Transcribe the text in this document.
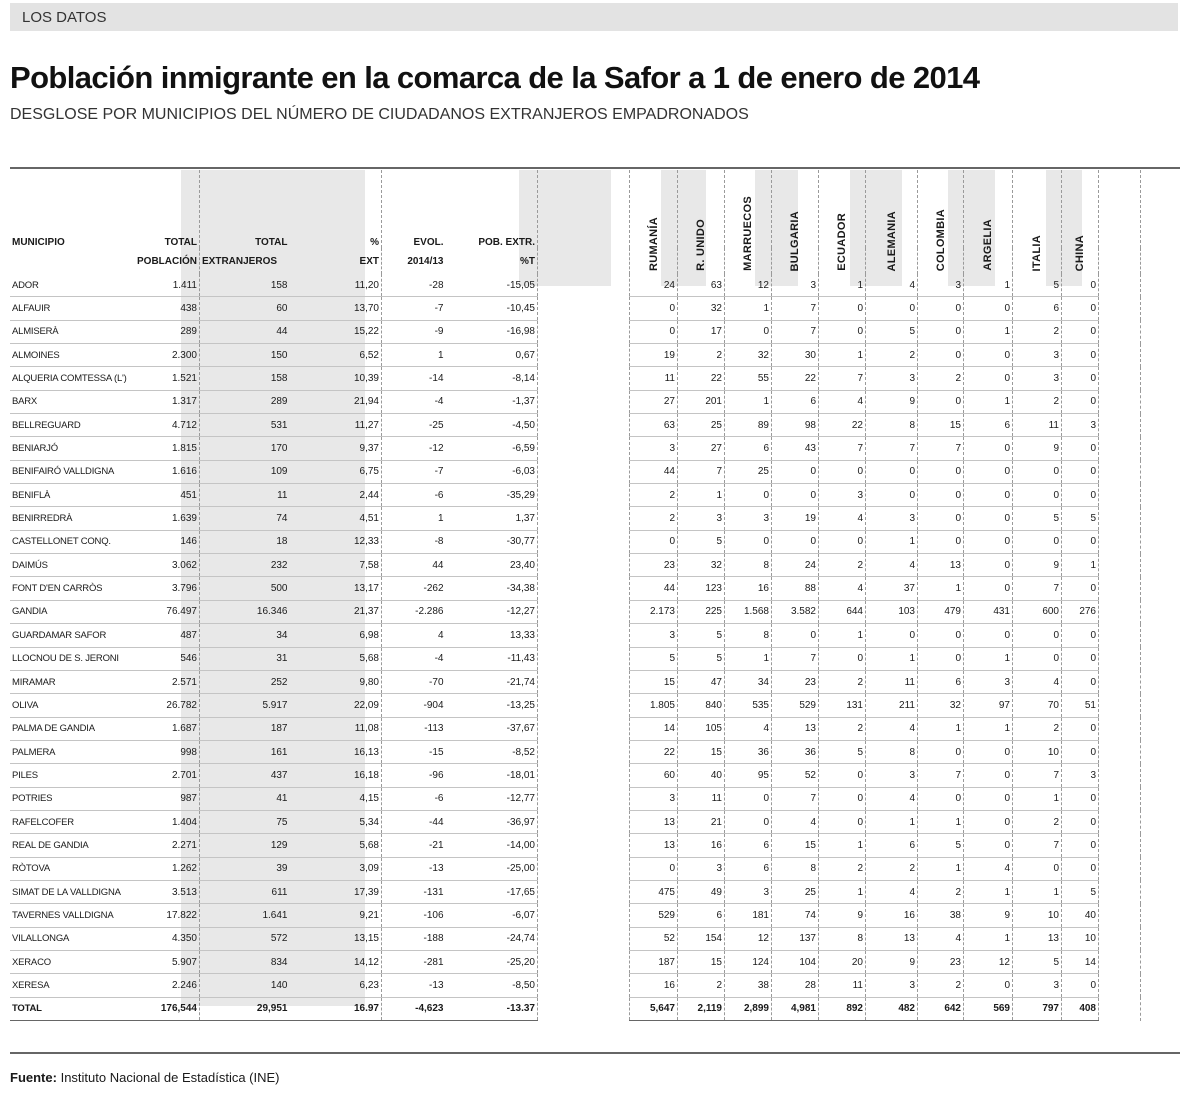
LOS DATOS
Población inmigrante en la comarca de la Safor a 1 de enero de 2014
DESGLOSE POR MUNICIPIOS DEL NÚMERO DE CIUDADANOS EXTRANJEROS EMPADRONADOS
MUNICIPIO	TOTAL	TOTAL	%	EVOL.	POB. EXTR.		RUMANÍA	R. UNIDO	MARRUECOS	BULGARIA	ECUADOR	ALEMANIA	COLOMBIA	ARGELIA	ITALIA	CHINA	
	POBLACIÓN	EXTRANJEROS	EXT	2014/13	%T												
ADOR	1.411	158	11,20	-28	-15,05		24	63	12	3	1	4	3	1	5	0	
ALFAUIR	438	60	13,70	-7	-10,45		0	32	1	7	0	0	0	0	6	0	
ALMISERÀ	289	44	15,22	-9	-16,98		0	17	0	7	0	5	0	1	2	0	
ALMOINES	2.300	150	6,52	1	0,67		19	2	32	30	1	2	0	0	3	0	
ALQUERIA COMTESSA (L')	1.521	158	10,39	-14	-8,14		11	22	55	22	7	3	2	0	3	0	
BARX	1.317	289	21,94	-4	-1,37		27	201	1	6	4	9	0	1	2	0	
BELLREGUARD	4.712	531	11,27	-25	-4,50		63	25	89	98	22	8	15	6	11	3	
BENIARJÓ	1.815	170	9,37	-12	-6,59		3	27	6	43	7	7	7	0	9	0	
BENIFAIRÓ VALLDIGNA	1.616	109	6,75	-7	-6,03		44	7	25	0	0	0	0	0	0	0	
BENIFLÀ	451	11	2,44	-6	-35,29		2	1	0	0	3	0	0	0	0	0	
BENIRREDRÀ	1.639	74	4,51	1	1,37		2	3	3	19	4	3	0	0	5	5	
CASTELLONET CONQ.	146	18	12,33	-8	-30,77		0	5	0	0	0	1	0	0	0	0	
DAIMÚS	3.062	232	7,58	44	23,40		23	32	8	24	2	4	13	0	9	1	
FONT D'EN CARRÒS	3.796	500	13,17	-262	-34,38		44	123	16	88	4	37	1	0	7	0	
GANDIA	76.497	16.346	21,37	-2.286	-12,27		2.173	225	1.568	3.582	644	103	479	431	600	276	
GUARDAMAR SAFOR	487	34	6,98	4	13,33		3	5	8	0	1	0	0	0	0	0	
LLOCNOU DE S. JERONI	546	31	5,68	-4	-11,43		5	5	1	7	0	1	0	1	0	0	
MIRAMAR	2.571	252	9,80	-70	-21,74		15	47	34	23	2	11	6	3	4	0	
OLIVA	26.782	5.917	22,09	-904	-13,25		1.805	840	535	529	131	211	32	97	70	51	
PALMA DE GANDIA	1.687	187	11,08	-113	-37,67		14	105	4	13	2	4	1	1	2	0	
PALMERA	998	161	16,13	-15	-8,52		22	15	36	36	5	8	0	0	10	0	
PILES	2.701	437	16,18	-96	-18,01		60	40	95	52	0	3	7	0	7	3	
POTRIES	987	41	4,15	-6	-12,77		3	11	0	7	0	4	0	0	1	0	
RAFELCOFER	1.404	75	5,34	-44	-36,97		13	21	0	4	0	1	1	0	2	0	
REAL DE GANDIA	2.271	129	5,68	-21	-14,00		13	16	6	15	1	6	5	0	7	0	
RÒTOVA	1.262	39	3,09	-13	-25,00		0	3	6	8	2	2	1	4	0	0	
SIMAT DE LA VALLDIGNA	3.513	611	17,39	-131	-17,65		475	49	3	25	1	4	2	1	1	5	
TAVERNES VALLDIGNA	17.822	1.641	9,21	-106	-6,07		529	6	181	74	9	16	38	9	10	40	
VILALLONGA	4.350	572	13,15	-188	-24,74		52	154	12	137	8	13	4	1	13	10	
XERACO	5.907	834	14,12	-281	-25,20		187	15	124	104	20	9	23	12	5	14	
XERESA	2.246	140	6,23	-13	-8,50		16	2	38	28	11	3	2	0	3	0	
TOTAL	176,544	29,951	16.97	-4,623	-13.37		5,647	2,119	2,899	4,981	892	482	642	569	797	408	
Fuente: Instituto Nacional de Estadística (INE)
